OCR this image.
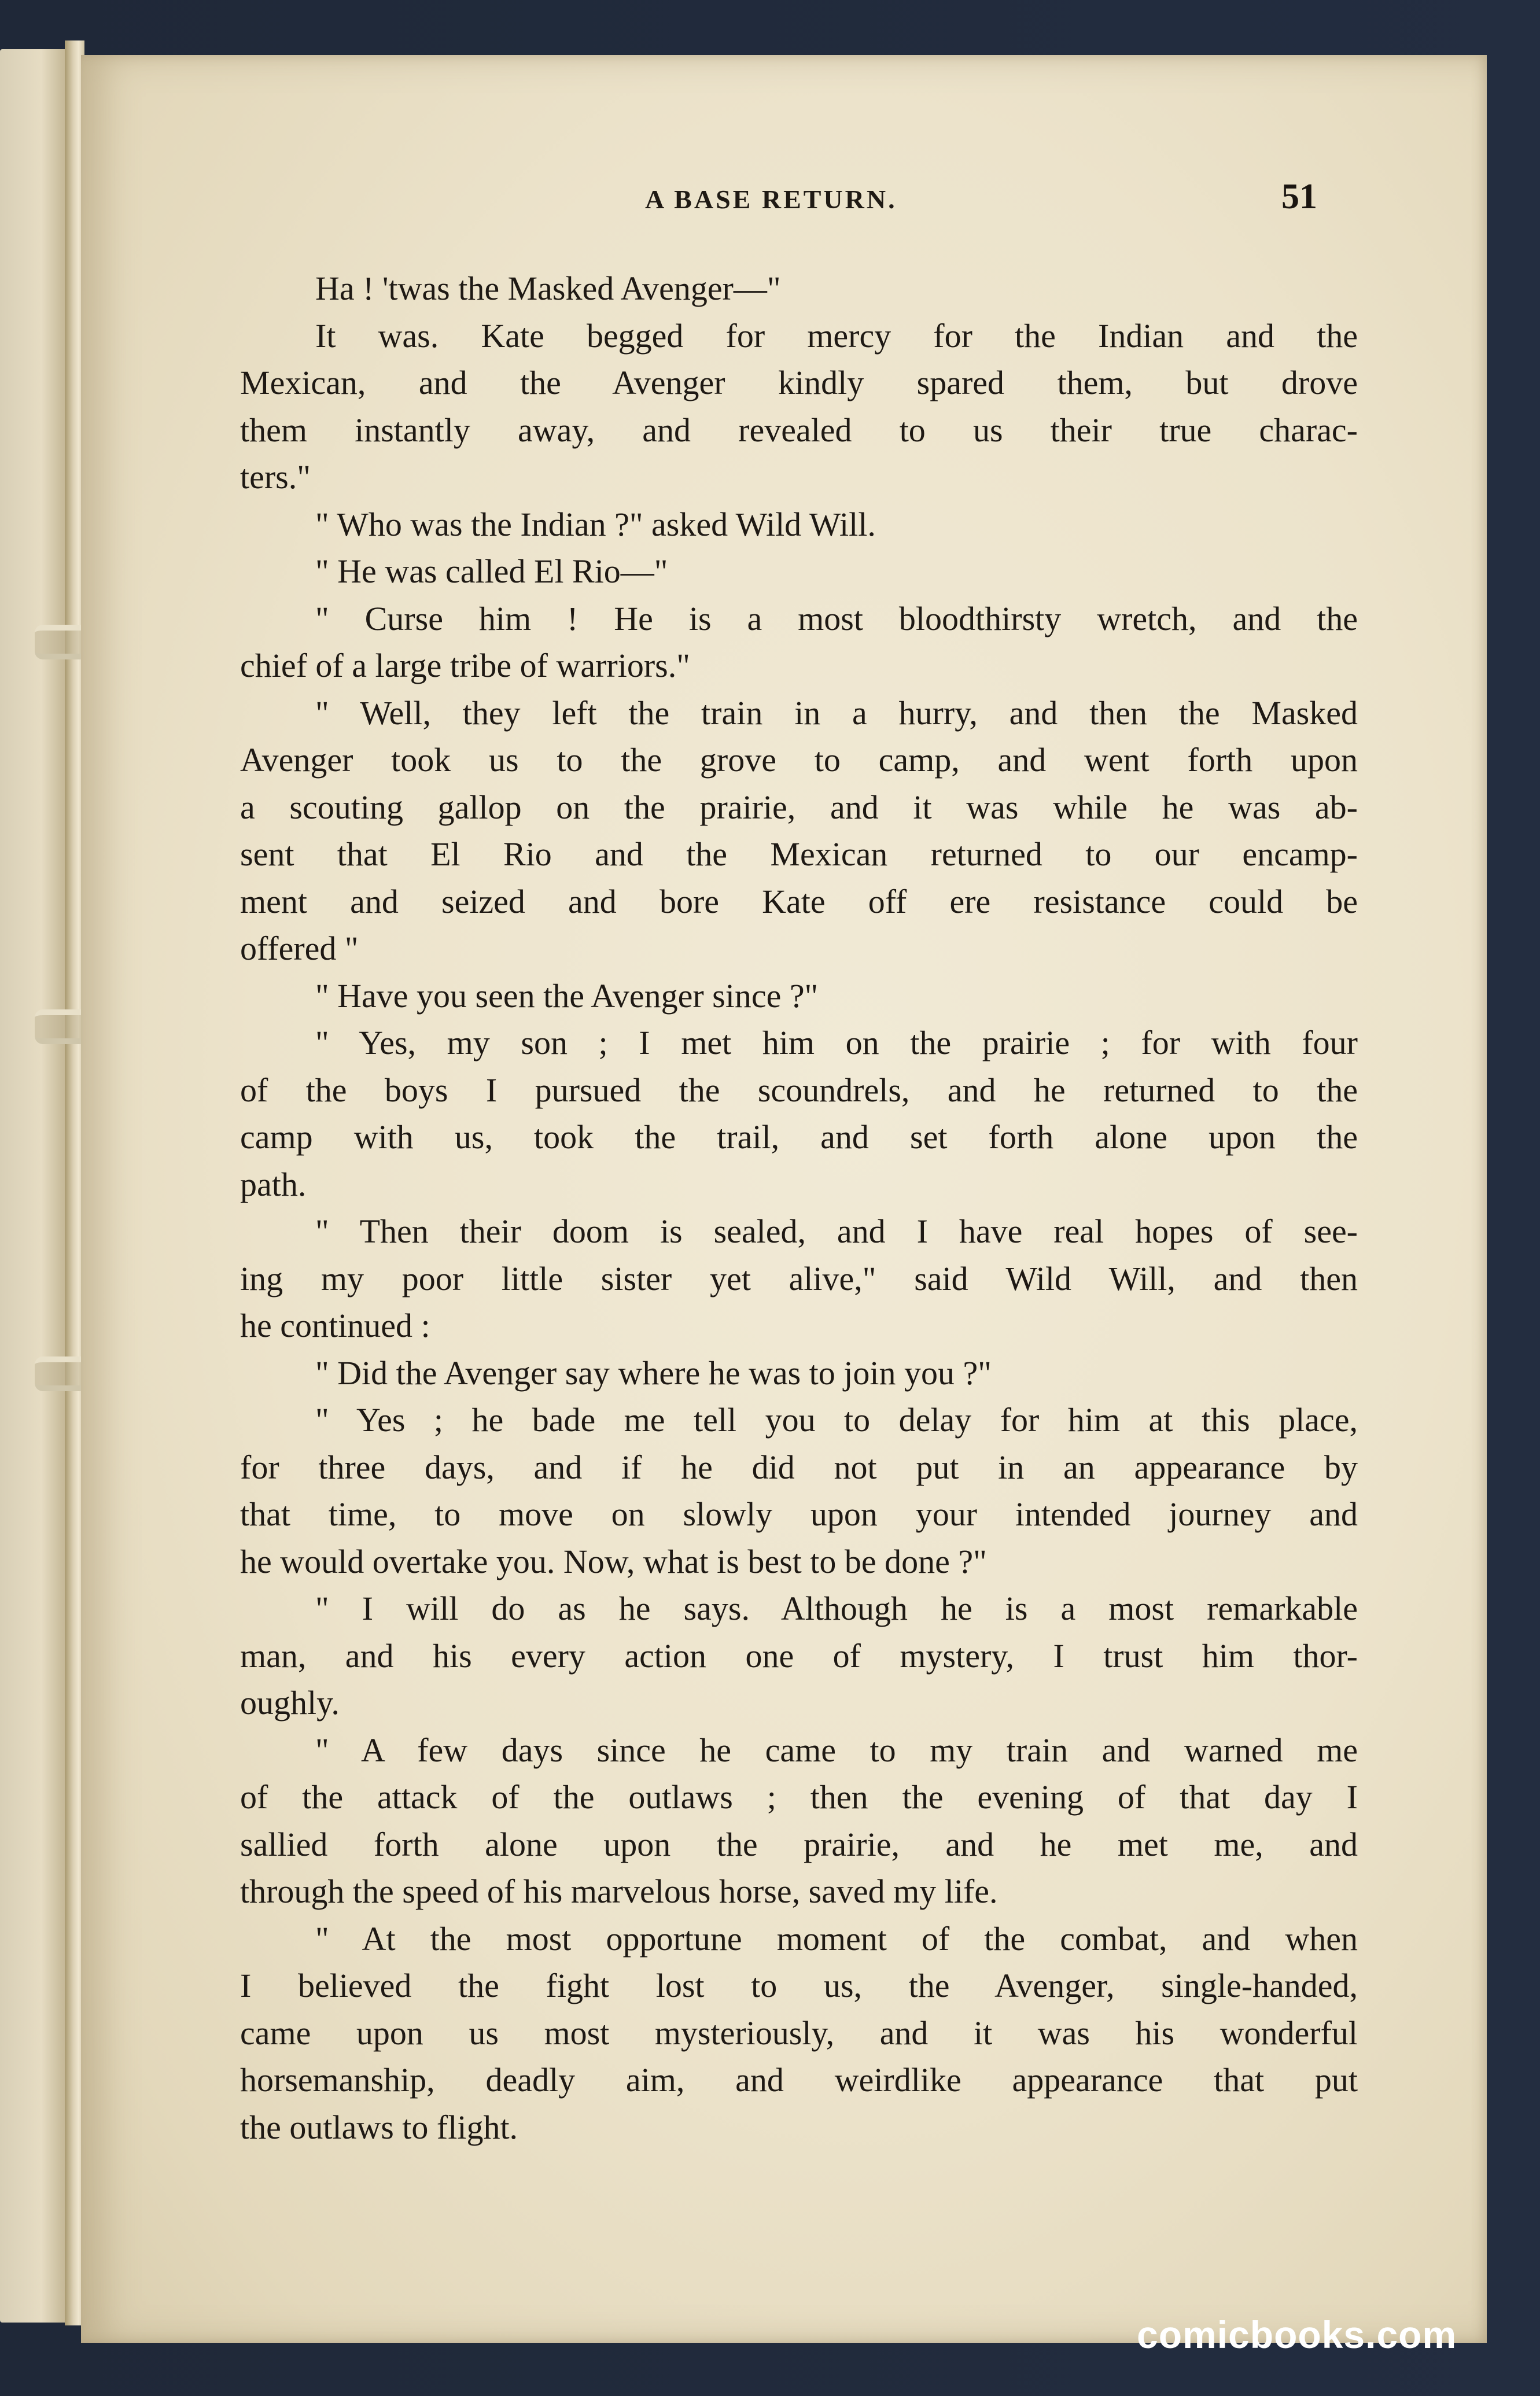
A BASE RETURN.	51
Ha ! 'twas the Masked Avenger—"
It was. Kate begged for mercy for the Indian and the
Mexican, and the Avenger kindly spared them, but drove
them instantly away, and revealed to us their true charac-
ters."
" Who was the Indian ?" asked Wild Will.
" He was called El Rio—"
" Curse him ! He is a most bloodthirsty wretch, and the
chief of a large tribe of warriors."
" Well, they left the train in a hurry, and then the Masked
Avenger took us to the grove to camp, and went forth upon
a scouting gallop on the prairie, and it was while he was ab-
sent that El Rio and the Mexican returned to our encamp-
ment and seized and bore Kate off ere resistance could be
offered "
" Have you seen the Avenger since ?"
" Yes, my son ; I met him on the prairie ; for with four
of the boys I pursued the scoundrels, and he returned to the
camp with us, took the trail, and set forth alone upon the
path.
" Then their doom is sealed, and I have real hopes of see-
ing my poor little sister yet alive," said Wild Will, and then
he continued :
" Did the Avenger say where he was to join you ?"
" Yes ; he bade me tell you to delay for him at this place,
for three days, and if he did not put in an appearance by
that time, to move on slowly upon your intended journey and
he would overtake you. Now, what is best to be done ?"
" I will do as he says. Although he is a most remarkable
man, and his every action one of mystery, I trust him thor-
oughly.
" A few days since he came to my train and warned me
of the attack of the outlaws ; then the evening of that day I
sallied forth alone upon the prairie, and he met me, and
through the speed of his marvelous horse, saved my life.
" At the most opportune moment of the combat, and when
I believed the fight lost to us, the Avenger, single-handed,
came upon us most mysteriously, and it was his wonderful
horsemanship, deadly aim, and weirdlike appearance that put
the outlaws to flight.
comicbooks.com
